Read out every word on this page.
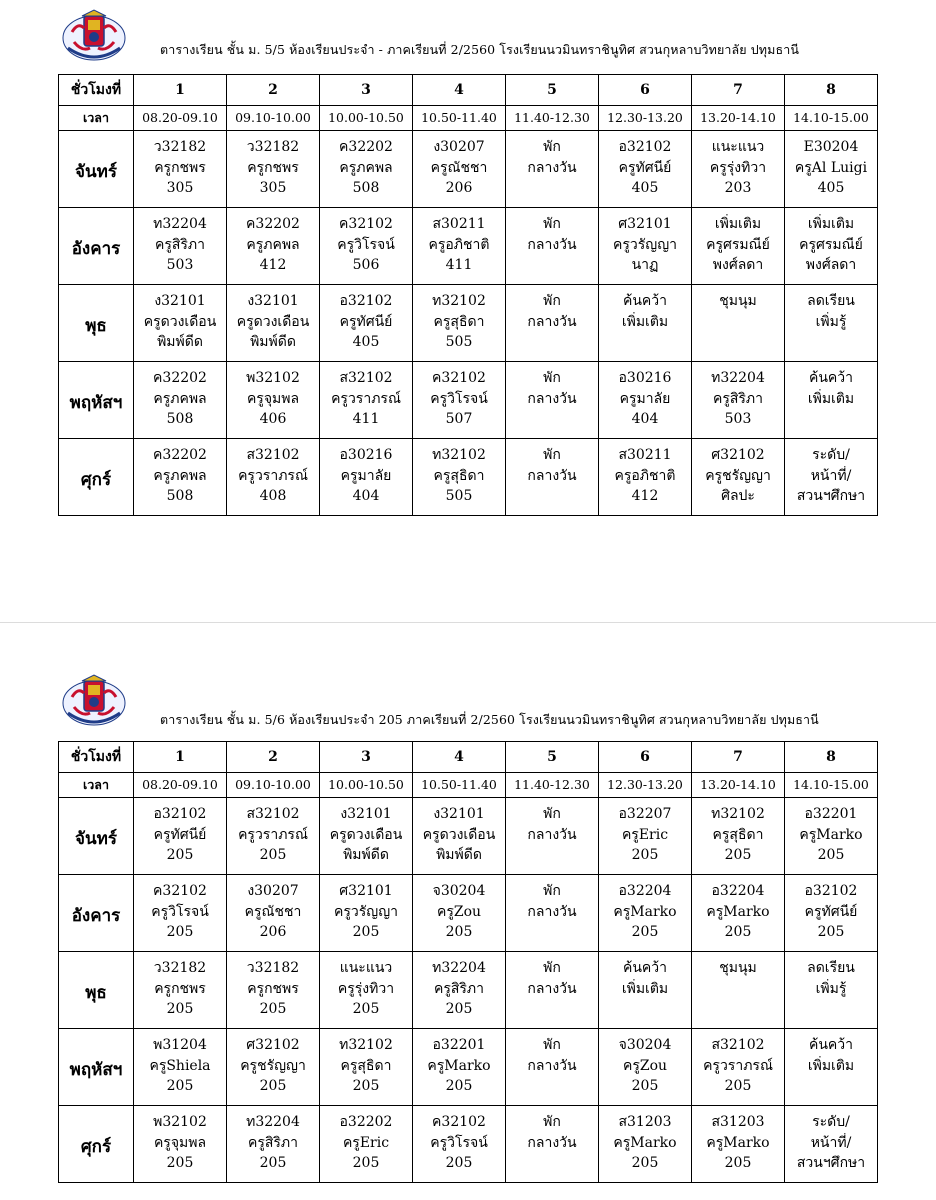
ตารางเรียน ชั้น ม. 5/5 ห้องเรียนประจำ - ภาคเรียนที่ 2/2560 โรงเรียนนวมินทราชินูทิศ สวนกุหลาบวิทยาลัย ปทุมธานี
ชั่วโมงที่	1	2	3	4	5	6	7	8
เวลา	08.20-09.10	09.10-10.00	10.00-10.50	10.50-11.40	11.40-12.30	12.30-13.20	13.20-14.10	14.10-15.00
จันทร์	ว32182
ครูกชพร
305	ว32182
ครูกชพร
305	ค32202
ครูภคพล
508	ง30207
ครูณัชชา
206	พัก
กลางวัน	อ32102
ครูทัศนีย์
405	แนะแนว
ครูรุ่งทิวา
203	E30204
ครูAl Luigi
405

อังคาร	ท32204
ครูสิริภา
503	ค32202
ครูภคพล
412	ค32102
ครูวิโรจน์
506	ส30211
ครูอภิชาติ
411	พัก
กลางวัน	ศ32101
ครูวรัญญา
นาฏ	เพิ่มเติม
ครูศรมณีย์
พงศ์ลดา	เพิ่มเติม
ครูศรมณีย์
พงศ์ลดา

พุธ	ง32101
ครูดวงเดือน
พิมพ์ดีด	ง32101
ครูดวงเดือน
พิมพ์ดีด	อ32102
ครูทัศนีย์
405	ท32102
ครูสุธิดา
505	พัก
กลางวัน	ค้นคว้า
เพิ่มเติม	ชุมนุม	ลดเรียน
เพิ่มรู้

พฤหัสฯ	ค32202
ครูภคพล
508	พ32102
ครูจุมพล
406	ส32102
ครูวราภรณ์
411	ค32102
ครูวิโรจน์
507	พัก
กลางวัน	อ30216
ครูมาลัย
404	ท32204
ครูสิริภา
503	ค้นคว้า
เพิ่มเติม

ศุกร์	ค32202
ครูภคพล
508	ส32102
ครูวราภรณ์
408	อ30216
ครูมาลัย
404	ท32102
ครูสุธิดา
505	พัก
กลางวัน	ส30211
ครูอภิชาติ
412	ศ32102
ครูชรัญญา
ศิลปะ	ระดับ/
หน้าที่/
สวนฯศึกษา
ตารางเรียน ชั้น ม. 5/6 ห้องเรียนประจำ 205 ภาคเรียนที่ 2/2560 โรงเรียนนวมินทราชินูทิศ สวนกุหลาบวิทยาลัย ปทุมธานี
ชั่วโมงที่	1	2	3	4	5	6	7	8
เวลา	08.20-09.10	09.10-10.00	10.00-10.50	10.50-11.40	11.40-12.30	12.30-13.20	13.20-14.10	14.10-15.00
จันทร์	อ32102
ครูทัศนีย์
205	ส32102
ครูวราภรณ์
205	ง32101
ครูดวงเดือน
พิมพ์ดีด	ง32101
ครูดวงเดือน
พิมพ์ดีด	พัก
กลางวัน	อ32207
ครูEric
205	ท32102
ครูสุธิดา
205	อ32201
ครูMarko
205

อังคาร	ค32102
ครูวิโรจน์
205	ง30207
ครูณัชชา
206	ศ32101
ครูวรัญญา
205	จ30204
ครูZou
205	พัก
กลางวัน	อ32204
ครูMarko
205	อ32204
ครูMarko
205	อ32102
ครูทัศนีย์
205

พุธ	ว32182
ครูกชพร
205	ว32182
ครูกชพร
205	แนะแนว
ครูรุ่งทิวา
205	ท32204
ครูสิริภา
205	พัก
กลางวัน	ค้นคว้า
เพิ่มเติม	ชุมนุม	ลดเรียน
เพิ่มรู้

พฤหัสฯ	พ31204
ครูShiela
205	ศ32102
ครูชรัญญา
205	ท32102
ครูสุธิดา
205	อ32201
ครูMarko
205	พัก
กลางวัน	จ30204
ครูZou
205	ส32102
ครูวราภรณ์
205	ค้นคว้า
เพิ่มเติม

ศุกร์	พ32102
ครูจุมพล
205	ท32204
ครูสิริภา
205	อ32202
ครูEric
205	ค32102
ครูวิโรจน์
205	พัก
กลางวัน	ส31203
ครูMarko
205	ส31203
ครูMarko
205	ระดับ/
หน้าที่/
สวนฯศึกษา
